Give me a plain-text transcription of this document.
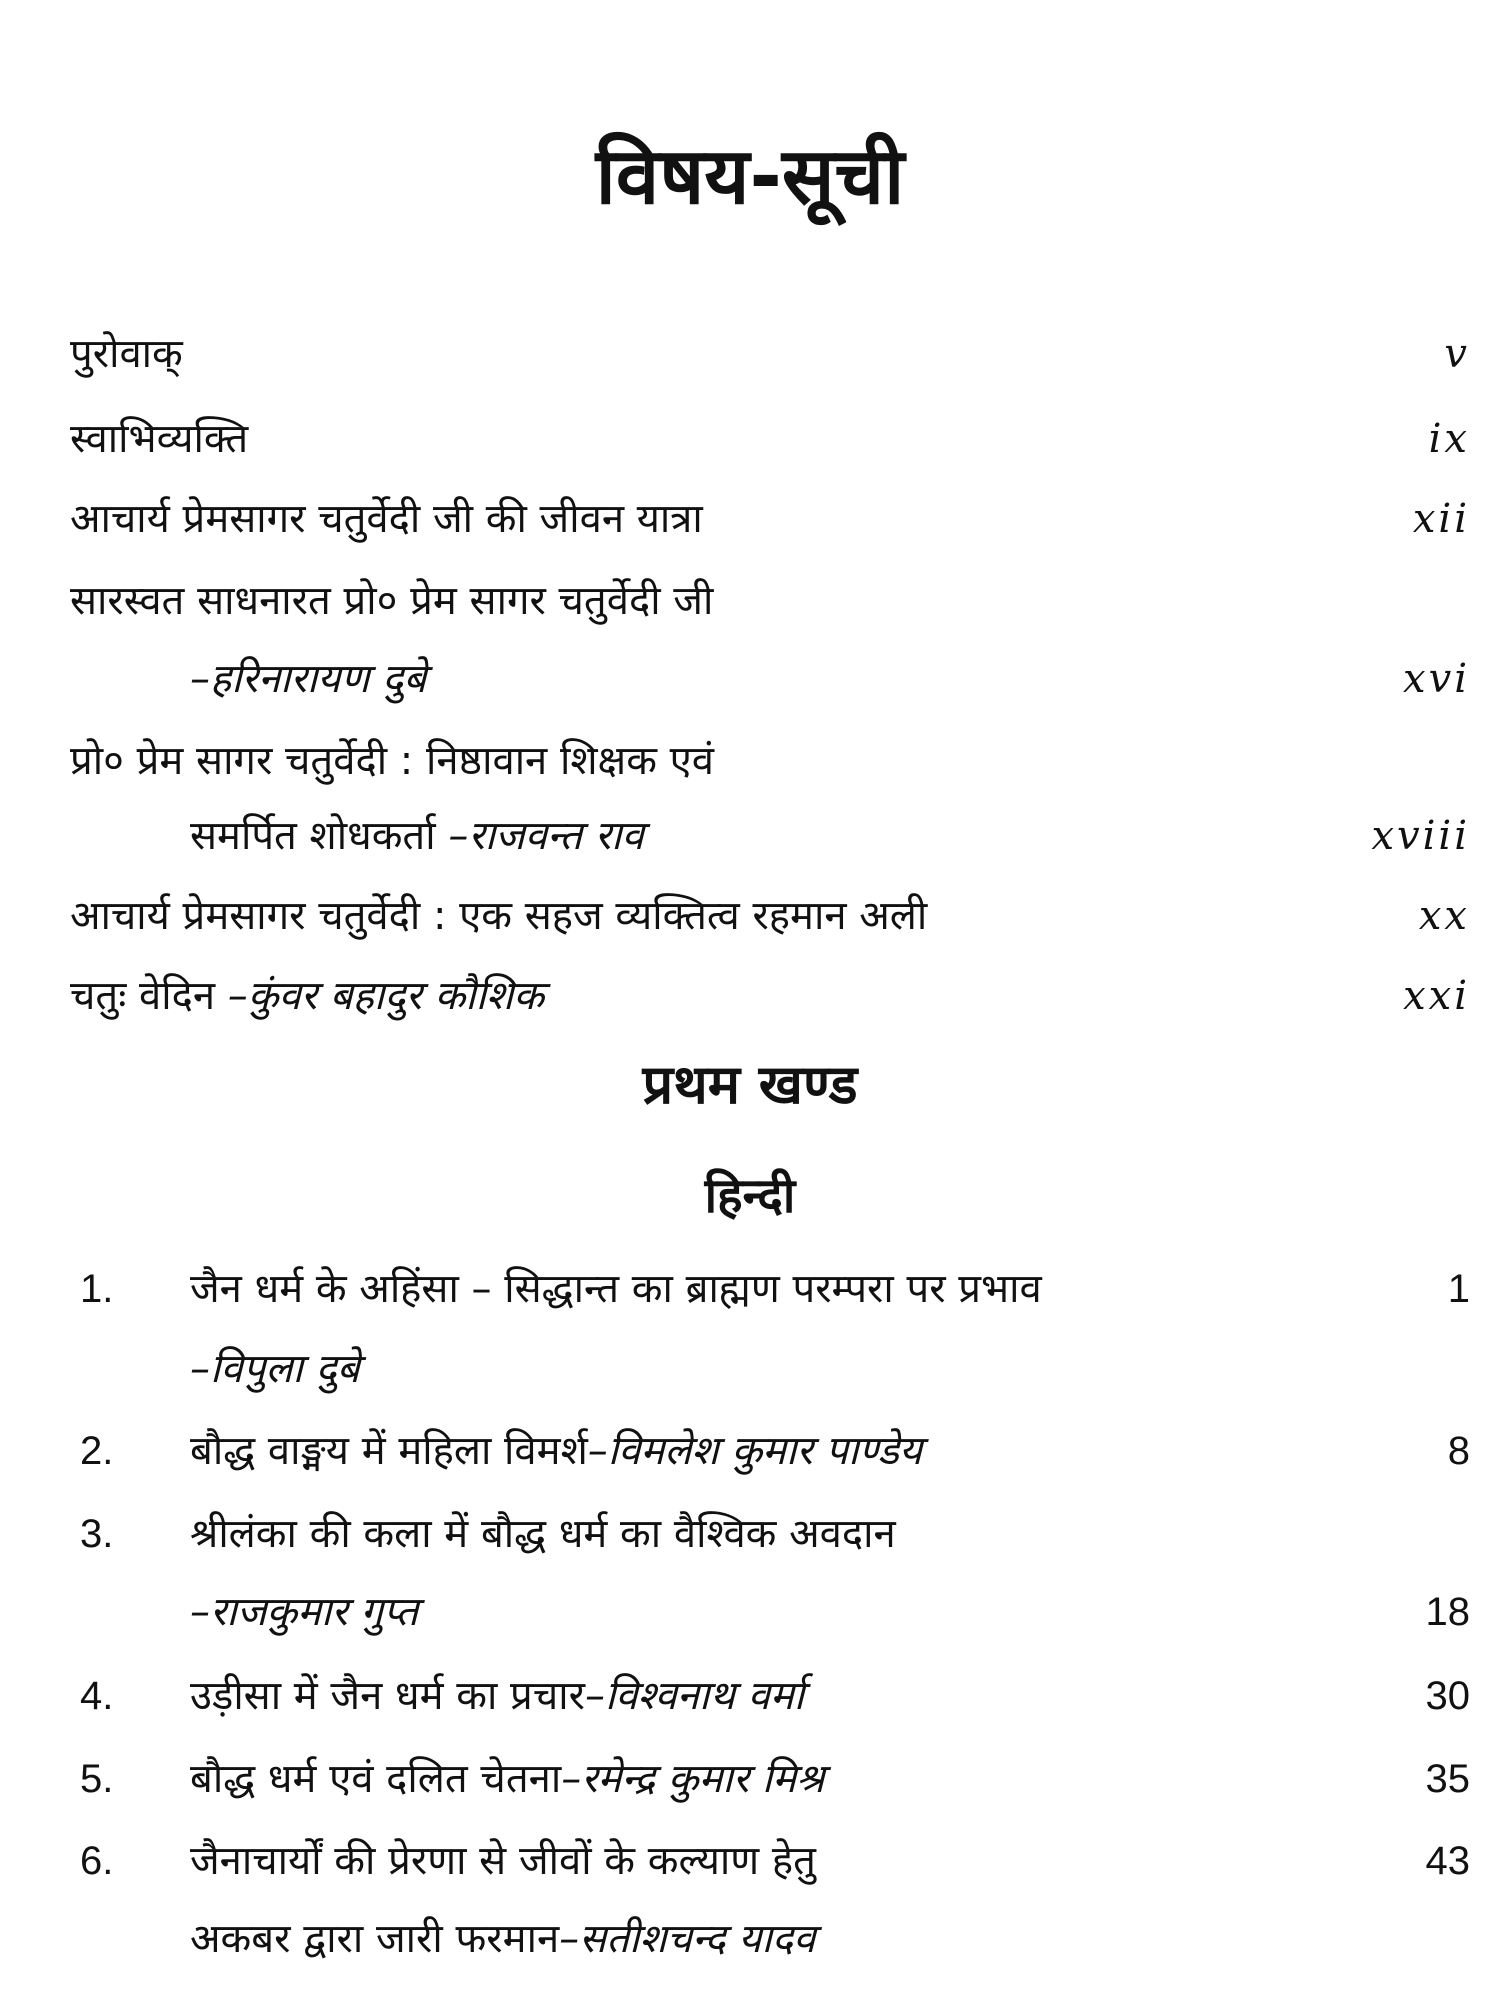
विषय-सूची
पुरोवाक्	v
स्वाभिव्यक्ति	ix
आचार्य प्रेमसागर चतुर्वेदी जी की जीवन यात्रा	xii
सारस्वत साधनारत प्रो० प्रेम सागर चतुर्वेदी जी
–हरिनारायण दुबे	xvi
प्रो० प्रेम सागर चतुर्वेदी : निष्ठावान शिक्षक एवं
समर्पित शोधकर्ता –राजवन्त राव	xviii
आचार्य प्रेमसागर चतुर्वेदी : एक सहज व्यक्तित्व रहमान अली	xx
चतुः वेदिन –कुंवर बहादुर कौशिक	xxi
प्रथम खण्ड
हिन्दी
1. जैन धर्म के अहिंसा – सिद्धान्त का ब्राह्मण परम्परा पर प्रभाव	1
–विपुला दुबे
2. बौद्ध वाङ्मय में महिला विमर्श–विमलेश कुमार पाण्डेय	8
3. श्रीलंका की कला में बौद्ध धर्म का वैश्विक अवदान
–राजकुमार गुप्त	18
4. उड़ीसा में जैन धर्म का प्रचार–विश्वनाथ वर्मा	30
5. बौद्ध धर्म एवं दलित चेतना–रमेन्द्र कुमार मिश्र	35
6. जैनाचार्यों की प्रेरणा से जीवों के कल्याण हेतु	43
अकबर द्वारा जारी फरमान–सतीशचन्द यादव
